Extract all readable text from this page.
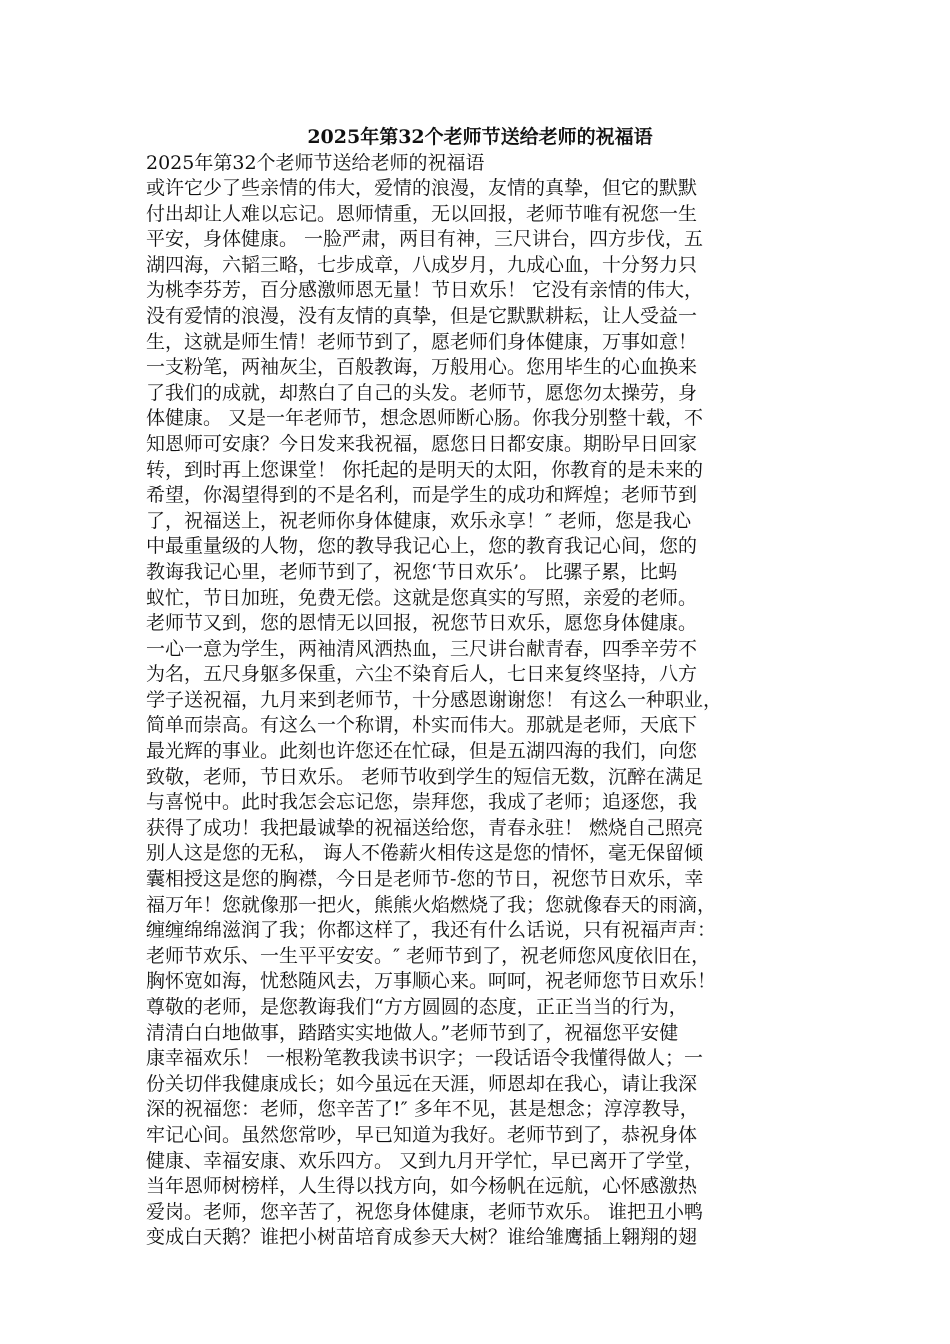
2025年第32个老师节送给老师的祝福语

2025年第32个老师节送给老师的祝福语

或许它少了些亲情的伟大，爱情的浪漫，友情的真挚，但它的默默
付出却让人难以忘记。恩师情重，无以回报，老师节唯有祝您一生
平安，身体健康。 一脸严肃，两目有神，三尺讲台，四方步伐，五
湖四海，六韬三略，七步成章，八成岁月，九成心血，十分努力只
为桃李芬芳，百分感激师恩无量！节日欢乐！ 它没有亲情的伟大，
没有爱情的浪漫，没有友情的真挚，但是它默默耕耘，让人受益一
生，这就是师生情！老师节到了，愿老师们身体健康，万事如意！
一支粉笔，两袖灰尘，百般教诲，万般用心。您用毕生的心血换来
了我们的成就，却熬白了自己的头发。老师节，愿您勿太操劳，身
体健康。 又是一年老师节，想念恩师断心肠。你我分别整十载，不
知恩师可安康？今日发来我祝福，愿您日日都安康。期盼早日回家
转，到时再上您课堂！ 你托起的是明天的太阳，你教育的是未来的
希望，你渴望得到的不是名利，而是学生的成功和辉煌；老师节到
了，祝福送上，祝老师你身体健康，欢乐永享！″ 老师，您是我心
中最重量级的人物，您的教导我记心上，您的教育我记心间，您的
教诲我记心里，老师节到了，祝您‘节日欢乐’。 比骡子累，比蚂
蚁忙，节日加班，免费无偿。这就是您真实的写照，亲爱的老师。
老师节又到，您的恩情无以回报，祝您节日欢乐，愿您身体健康。
一心一意为学生，两袖清风洒热血，三尺讲台献青春，四季辛劳不
为名，五尺身躯多保重，六尘不染育后人，七日来复终坚持，八方
学子送祝福，九月来到老师节，十分感恩谢谢您！ 有这么一种职业，
简单而崇高。有这么一个称谓，朴实而伟大。那就是老师，天底下
最光辉的事业。此刻也许您还在忙碌，但是五湖四海的我们，向您
致敬，老师，节日欢乐。 老师节收到学生的短信无数，沉醉在满足
与喜悦中。此时我怎会忘记您，崇拜您，我成了老师；追逐您，我
获得了成功！我把最诚挚的祝福送给您，青春永驻！ 燃烧自己照亮
别人这是您的无私， 诲人不倦薪火相传这是您的情怀，毫无保留倾
囊相授这是您的胸襟，今日是老师节-您的节日，祝您节日欢乐，幸
福万年！您就像那一把火，熊熊火焰燃烧了我；您就像春天的雨滴，
缠缠绵绵滋润了我；你都这样了，我还有什么话说，只有祝福声声：
老师节欢乐、一生平平安安。″ 老师节到了，祝老师您风度依旧在，
胸怀宽如海，忧愁随风去，万事顺心来。呵呵，祝老师您节日欢乐！
尊敬的老师，是您教诲我们“方方圆圆的态度，正正当当的行为，
清清白白地做事，踏踏实实地做人。”老师节到了，祝福您平安健
康幸福欢乐！ 一根粉笔教我读书识字；一段话语令我懂得做人；一
份关切伴我健康成长；如今虽远在天涯，师恩却在我心，请让我深
深的祝福您：老师，您辛苦了!″ 多年不见，甚是想念；淳淳教导，
牢记心间。虽然您常吵，早已知道为我好。老师节到了，恭祝身体
健康、幸福安康、欢乐四方。 又到九月开学忙，早已离开了学堂，
当年恩师树榜样，人生得以找方向，如今杨帆在远航，心怀感激热
爱岗。老师，您辛苦了，祝您身体健康，老师节欢乐。 谁把丑小鸭
变成白天鹅？谁把小树苗培育成参天大树？谁给雏鹰插上翱翔的翅
